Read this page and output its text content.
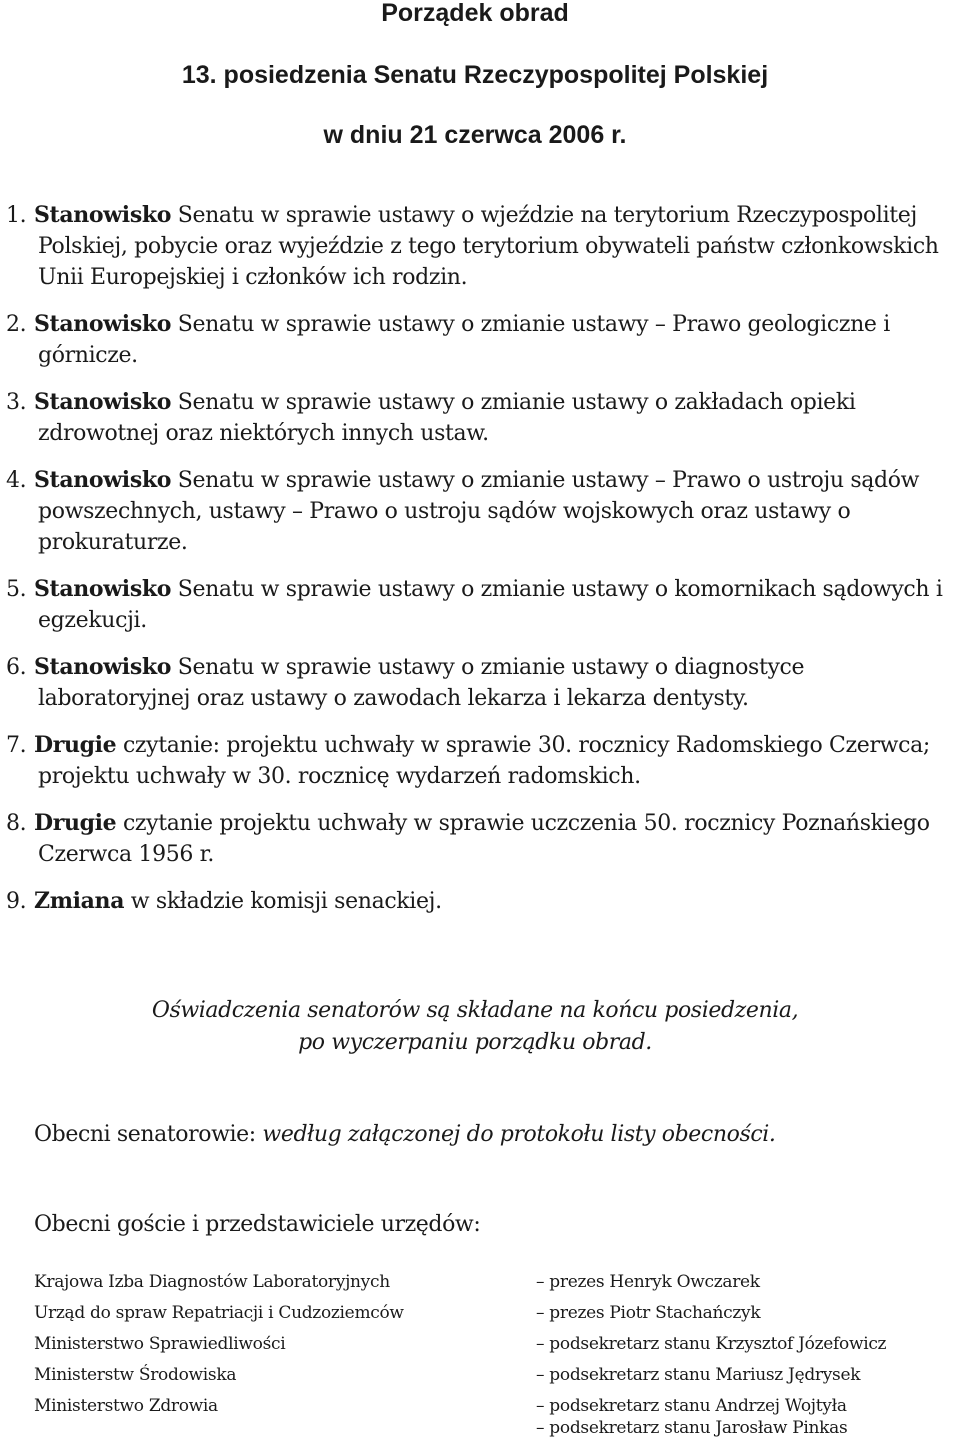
Porządek obrad
13. posiedzenia Senatu Rzeczypospolitej Polskiej
w dniu 21 czerwca 2006 r.
1. Stanowisko Senatu w sprawie ustawy o wjeździe na terytorium Rzeczypospolitej Polskiej, pobycie oraz wyjeździe z tego terytorium obywateli państw członkowskich Unii Europejskiej i członków ich rodzin.
2. Stanowisko Senatu w sprawie ustawy o zmianie ustawy – Prawo geologiczne i górnicze.
3. Stanowisko Senatu w sprawie ustawy o zmianie ustawy o zakładach opieki zdrowotnej oraz niektórych innych ustaw.
4. Stanowisko Senatu w sprawie ustawy o zmianie ustawy – Prawo o ustroju sądów powszechnych, ustawy – Prawo o ustroju sądów wojskowych oraz ustawy o prokuraturze.
5. Stanowisko Senatu w sprawie ustawy o zmianie ustawy o komornikach sądowych i egzekucji.
6. Stanowisko Senatu w sprawie ustawy o zmianie ustawy o diagnostyce laboratoryjnej oraz ustawy o zawodach lekarza i lekarza dentysty.
7. Drugie czytanie: projektu uchwały w sprawie 30. rocznicy Radomskiego Czerwca; projektu uchwały w 30. rocznicę wydarzeń radomskich.
8. Drugie czytanie projektu uchwały w sprawie uczczenia 50. rocznicy Poznańskiego Czerwca 1956 r.
9. Zmiana w składzie komisji senackiej.
Oświadczenia senatorów są składane na końcu posiedzenia,
po wyczerpaniu porządku obrad.
Obecni senatorowie: według załączonej do protokołu listy obecności.
Obecni goście i przedstawiciele urzędów:
Krajowa Izba Diagnostów Laboratoryjnych	– prezes Henryk Owczarek
Urząd do spraw Repatriacji i Cudzoziemców	– prezes Piotr Stachańczyk
Ministerstwo Sprawiedliwości	– podsekretarz stanu Krzysztof Józefowicz
Ministerstw Środowiska	– podsekretarz stanu Mariusz Jędrysek
Ministerstwo Zdrowia	– podsekretarz stanu Andrzej Wojtyła
– podsekretarz stanu Jarosław Pinkas
